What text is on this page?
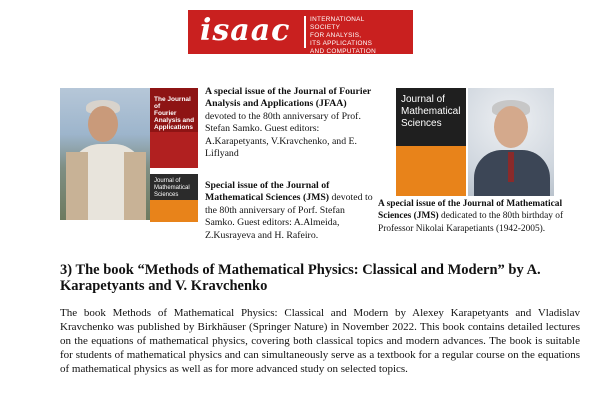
isaac	INTERNATIONAL
SOCIETY
FOR ANALYSIS,
ITS APPLICATIONS
AND COMPUTATION
The Journal of
Fourier
Analysis and
Applications
Journal of
Mathematical
Sciences
A special issue of the Journal of Fourier Analysis and Applications (JFAA) devoted to the 80th anniversary of Prof. Stefan Samko. Guest editors: A.Karapetyants, V.Kravchenko, and E. Liflyand
Special issue of the Journal of Mathematical Sciences (JMS) devoted to the 80th anniversary of Porf. Stefan Samko. Guest editors: A.Almeida, Z.Kusrayeva and H. Rafeiro.
Journal of
Mathematical
Sciences
A special issue of the Journal of Mathematical Sciences (JMS) dedicated to the 80th birthday of Professor Nikolai Karapetiants (1942-2005).
3) The book “Methods of Mathematical Physics: Classical and Modern” by A. Karapetyants and V. Kravchenko
The book Methods of Mathematical Physics: Classical and Modern by Alexey Karapetyants and Vladislav Kravchenko was published by Birkhäuser (Springer Nature) in November 2022. This book contains detailed lectures on the equations of mathematical physics, covering both classical topics and modern advances. The book is suitable for students of mathematical physics and can simultaneously serve as a textbook for a regular course on the equations of mathematical physics as well as for more advanced study on selected topics.
